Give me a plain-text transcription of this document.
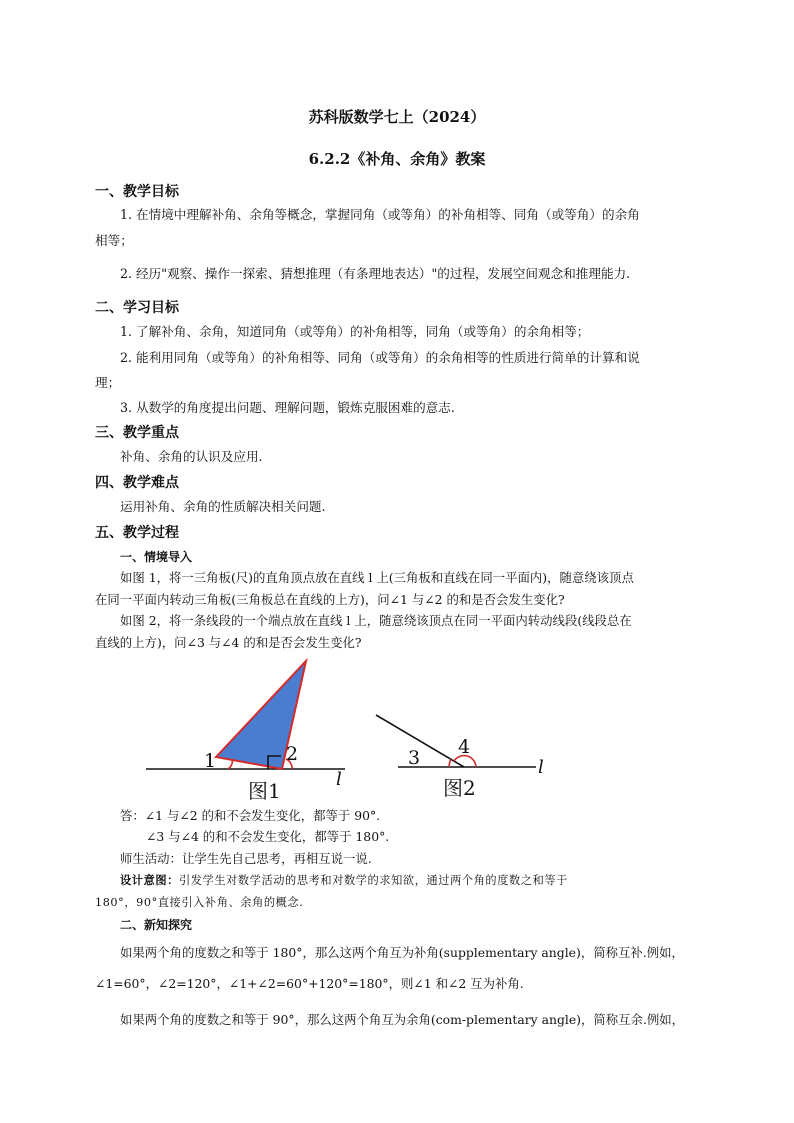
苏科版数学七上（2024）
6.2.2《补角、余角》教案
一、教学目标
1. 在情境中理解补角、余角等概念，掌握同角（或等角）的补角相等、同角（或等角）的余角
相等；
2. 经历"观察、操作一探索、猜想推理（有条理地表达）"的过程，发展空间观念和推理能力.
二、学习目标
1. 了解补角、余角，知道同角（或等角）的补角相等，同角（或等角）的余角相等；
2. 能利用同角（或等角）的补角相等、同角（或等角）的余角相等的性质进行简单的计算和说
理；
3. 从数学的角度提出问题、理解问题，锻炼克服困难的意志.
三、教学重点
补角、余角的认识及应用.
四、教学难点
运用补角、余角的性质解决相关问题.
五、教学过程
一、情境导入
如图 1，将一三角板(尺)的直角顶点放在直线 l 上(三角板和直线在同一平面内)，随意绕该顶点
在同一平面内转动三角板(三角板总在直线的上方)，问∠1 与∠2 的和是否会发生变化?
如图 2，将一条线段的一个端点放在直线 l 上，随意绕该顶点在同一平面内转动线段(线段总在
直线的上方)，问∠3 与∠4 的和是否会发生变化?
1	2
图1	l
3 4
图2
l
答：∠1 与∠2 的和不会发生变化，都等于 90°.
∠3 与∠4 的和不会发生变化，都等于 180°.
师生活动：让学生先自己思考，再相互说一说.
设计意图：引发学生对数学活动的思考和对数学的求知欲，通过两个角的度数之和等于
180°，90°直接引入补角、余角的概念.
二、新知探究
如果两个角的度数之和等于 180°，那么这两个角互为补角(supplementary angle)，简称互补.例如，
∠1=60°，∠2=120°，∠1+∠2=60°+120°=180°，则∠1 和∠2 互为补角.
如果两个角的度数之和等于 90°，那么这两个角互为余角(com-plementary angle)，简称互余.例如，
